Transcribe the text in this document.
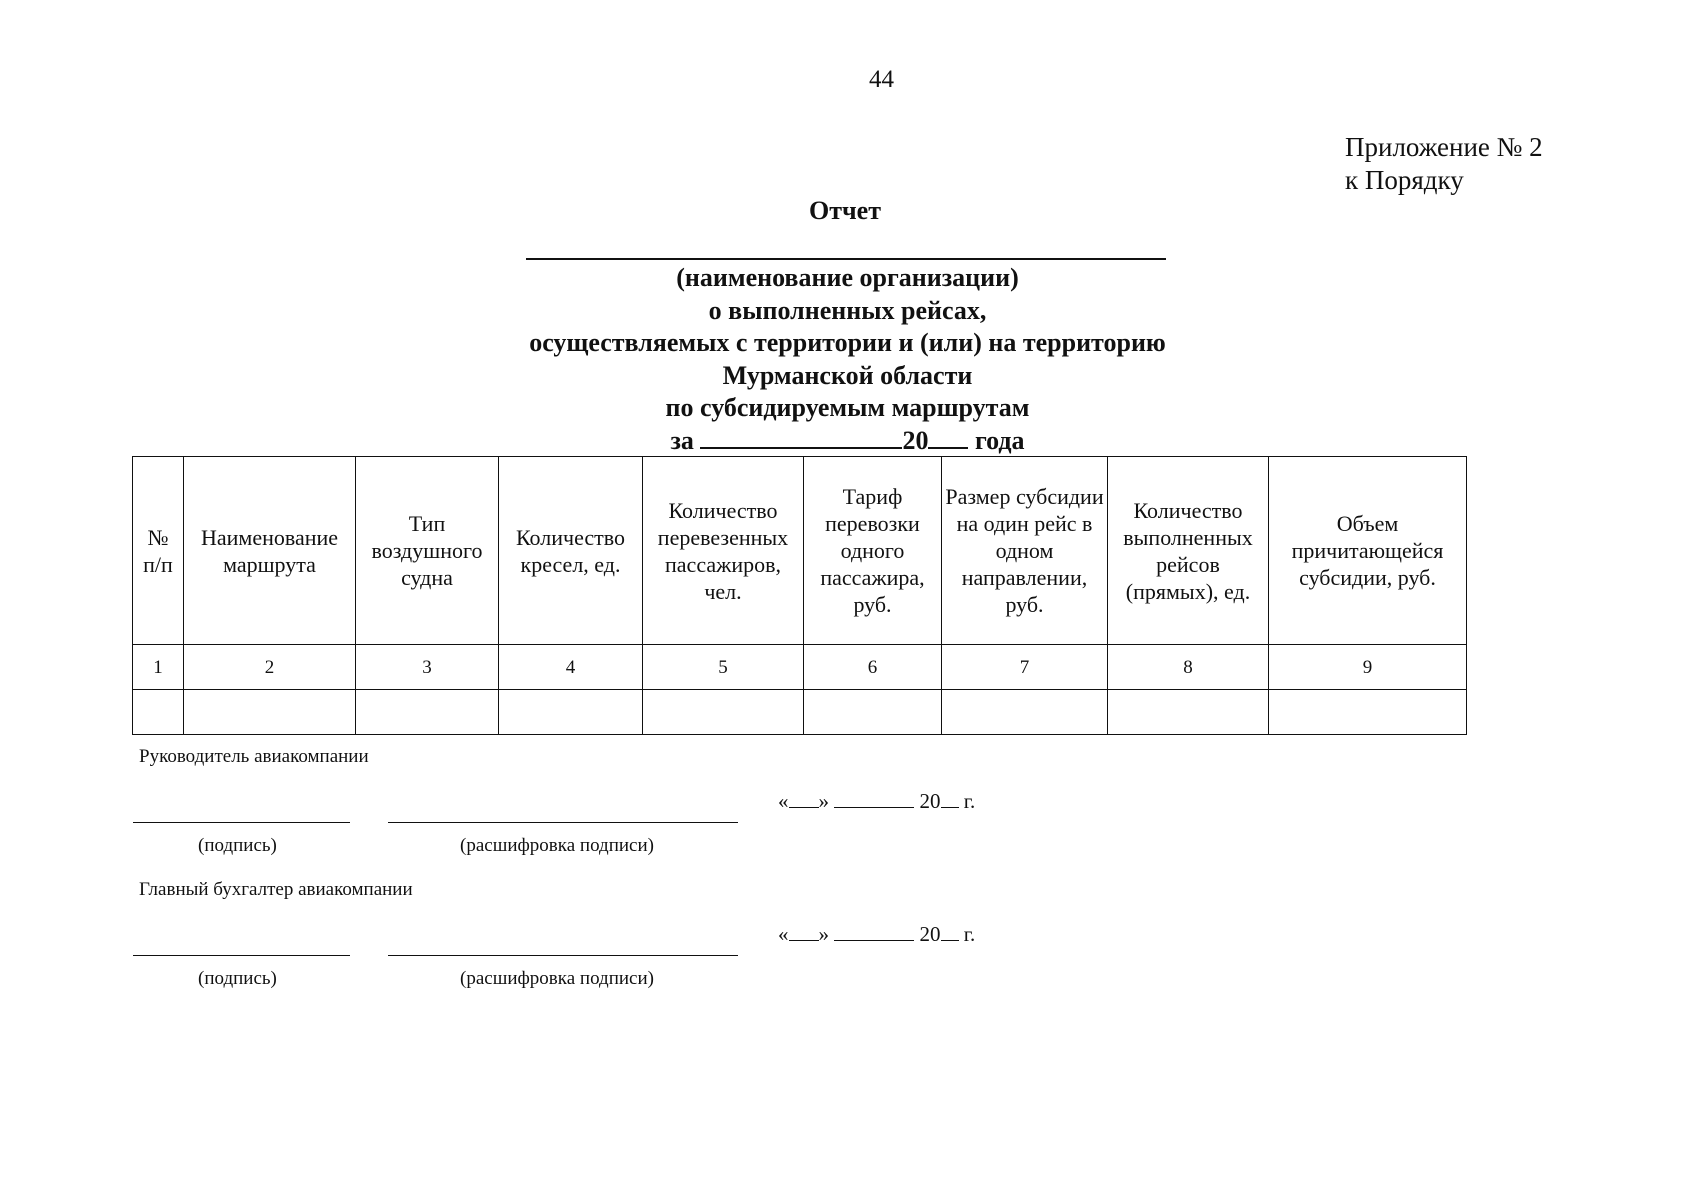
44
Приложение № 2
к Порядку
Отчет
(наименование организации)
о выполненных рейсах,
осуществляемых с территории и (или) на территорию
Мурманской области
по субсидируемым маршрутам
за	20 года
№ п/п	Наименование маршрута	Тип воздушного судна	Количество кресел, ед.	Количество перевезенных пассажиров, чел.	Тариф перевозки одного пассажира, руб.	Размер субсидии на один рейс в одном направлении, руб.	Количество выполненных рейсов (прямых), ед.	Объем причитающейся субсидии, руб.
1	2	3	4	5	6	7	8	9

Руководитель авиакомпании
(подпись)	(расшифровка подписи)
« »	20 г.
Главный бухгалтер авиакомпании
(подпись)	(расшифровка подписи)
« »	20 г.
